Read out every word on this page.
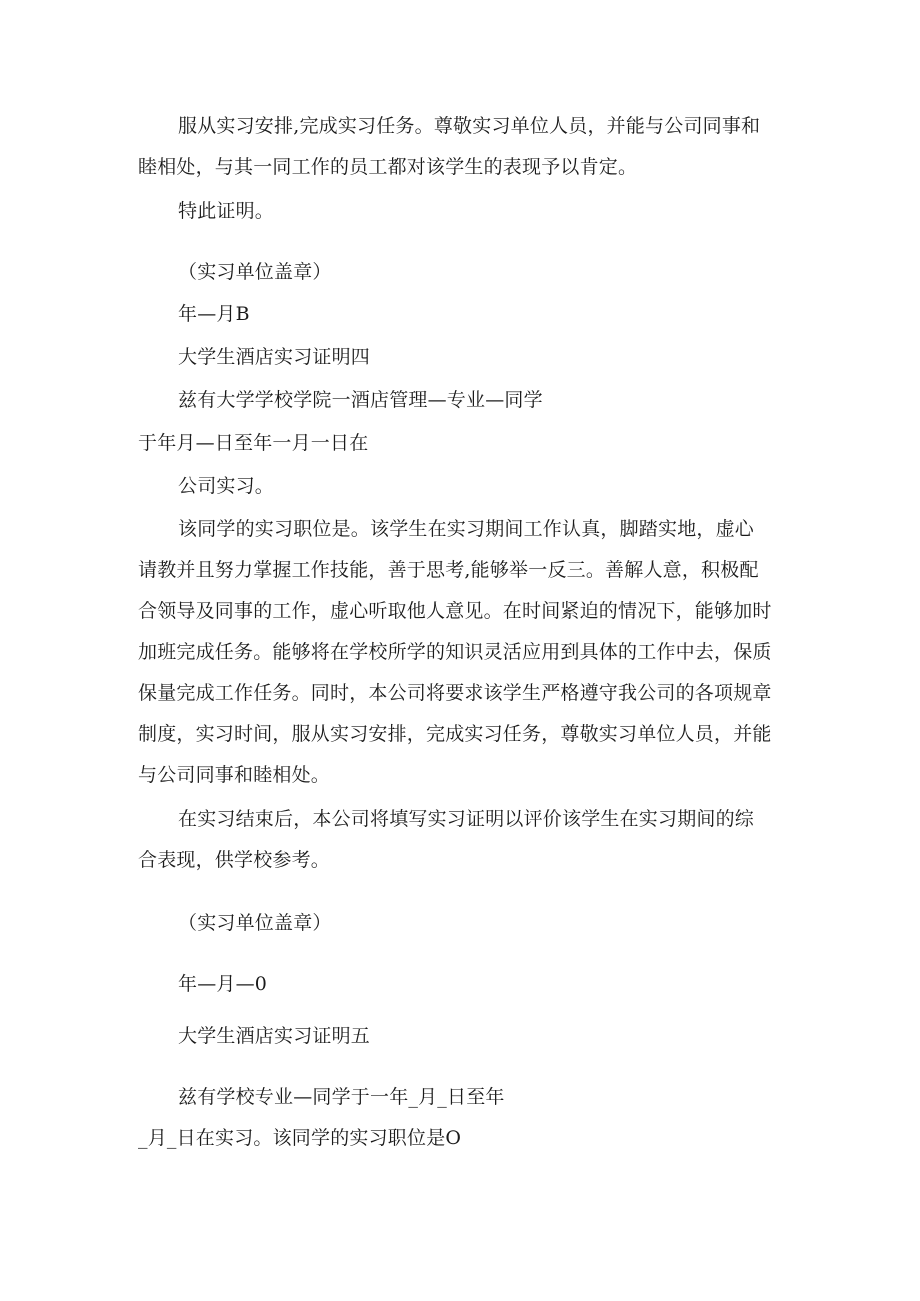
服从实习安排,完成实习任务。尊敬实习单位人员，并能与公司同事和
睦相处，与其一同工作的员工都对该学生的表现予以肯定。
特此证明。
（实习单位盖章）
年—月B
大学生酒店实习证明四
兹有大学学校学院一酒店管理—专业—同学
于年月—日至年一月一日在
公司实习。
该同学的实习职位是。该学生在实习期间工作认真，脚踏实地，虚心
请教并且努力掌握工作技能，善于思考,能够举一反三。善解人意，积极配
合领导及同事的工作，虚心听取他人意见。在时间紧迫的情况下，能够加时
加班完成任务。能够将在学校所学的知识灵活应用到具体的工作中去，保质
保量完成工作任务。同时，本公司将要求该学生严格遵守我公司的各项规章
制度，实习时间，服从实习安排，完成实习任务，尊敬实习单位人员，并能
与公司同事和睦相处。
在实习结束后，本公司将填写实习证明以评价该学生在实习期间的综
合表现，供学校参考。
（实习单位盖章）
年—月—0
大学生酒店实习证明五
兹有学校专业—同学于一年_月_日至年
_月_日在实习。该同学的实习职位是O
